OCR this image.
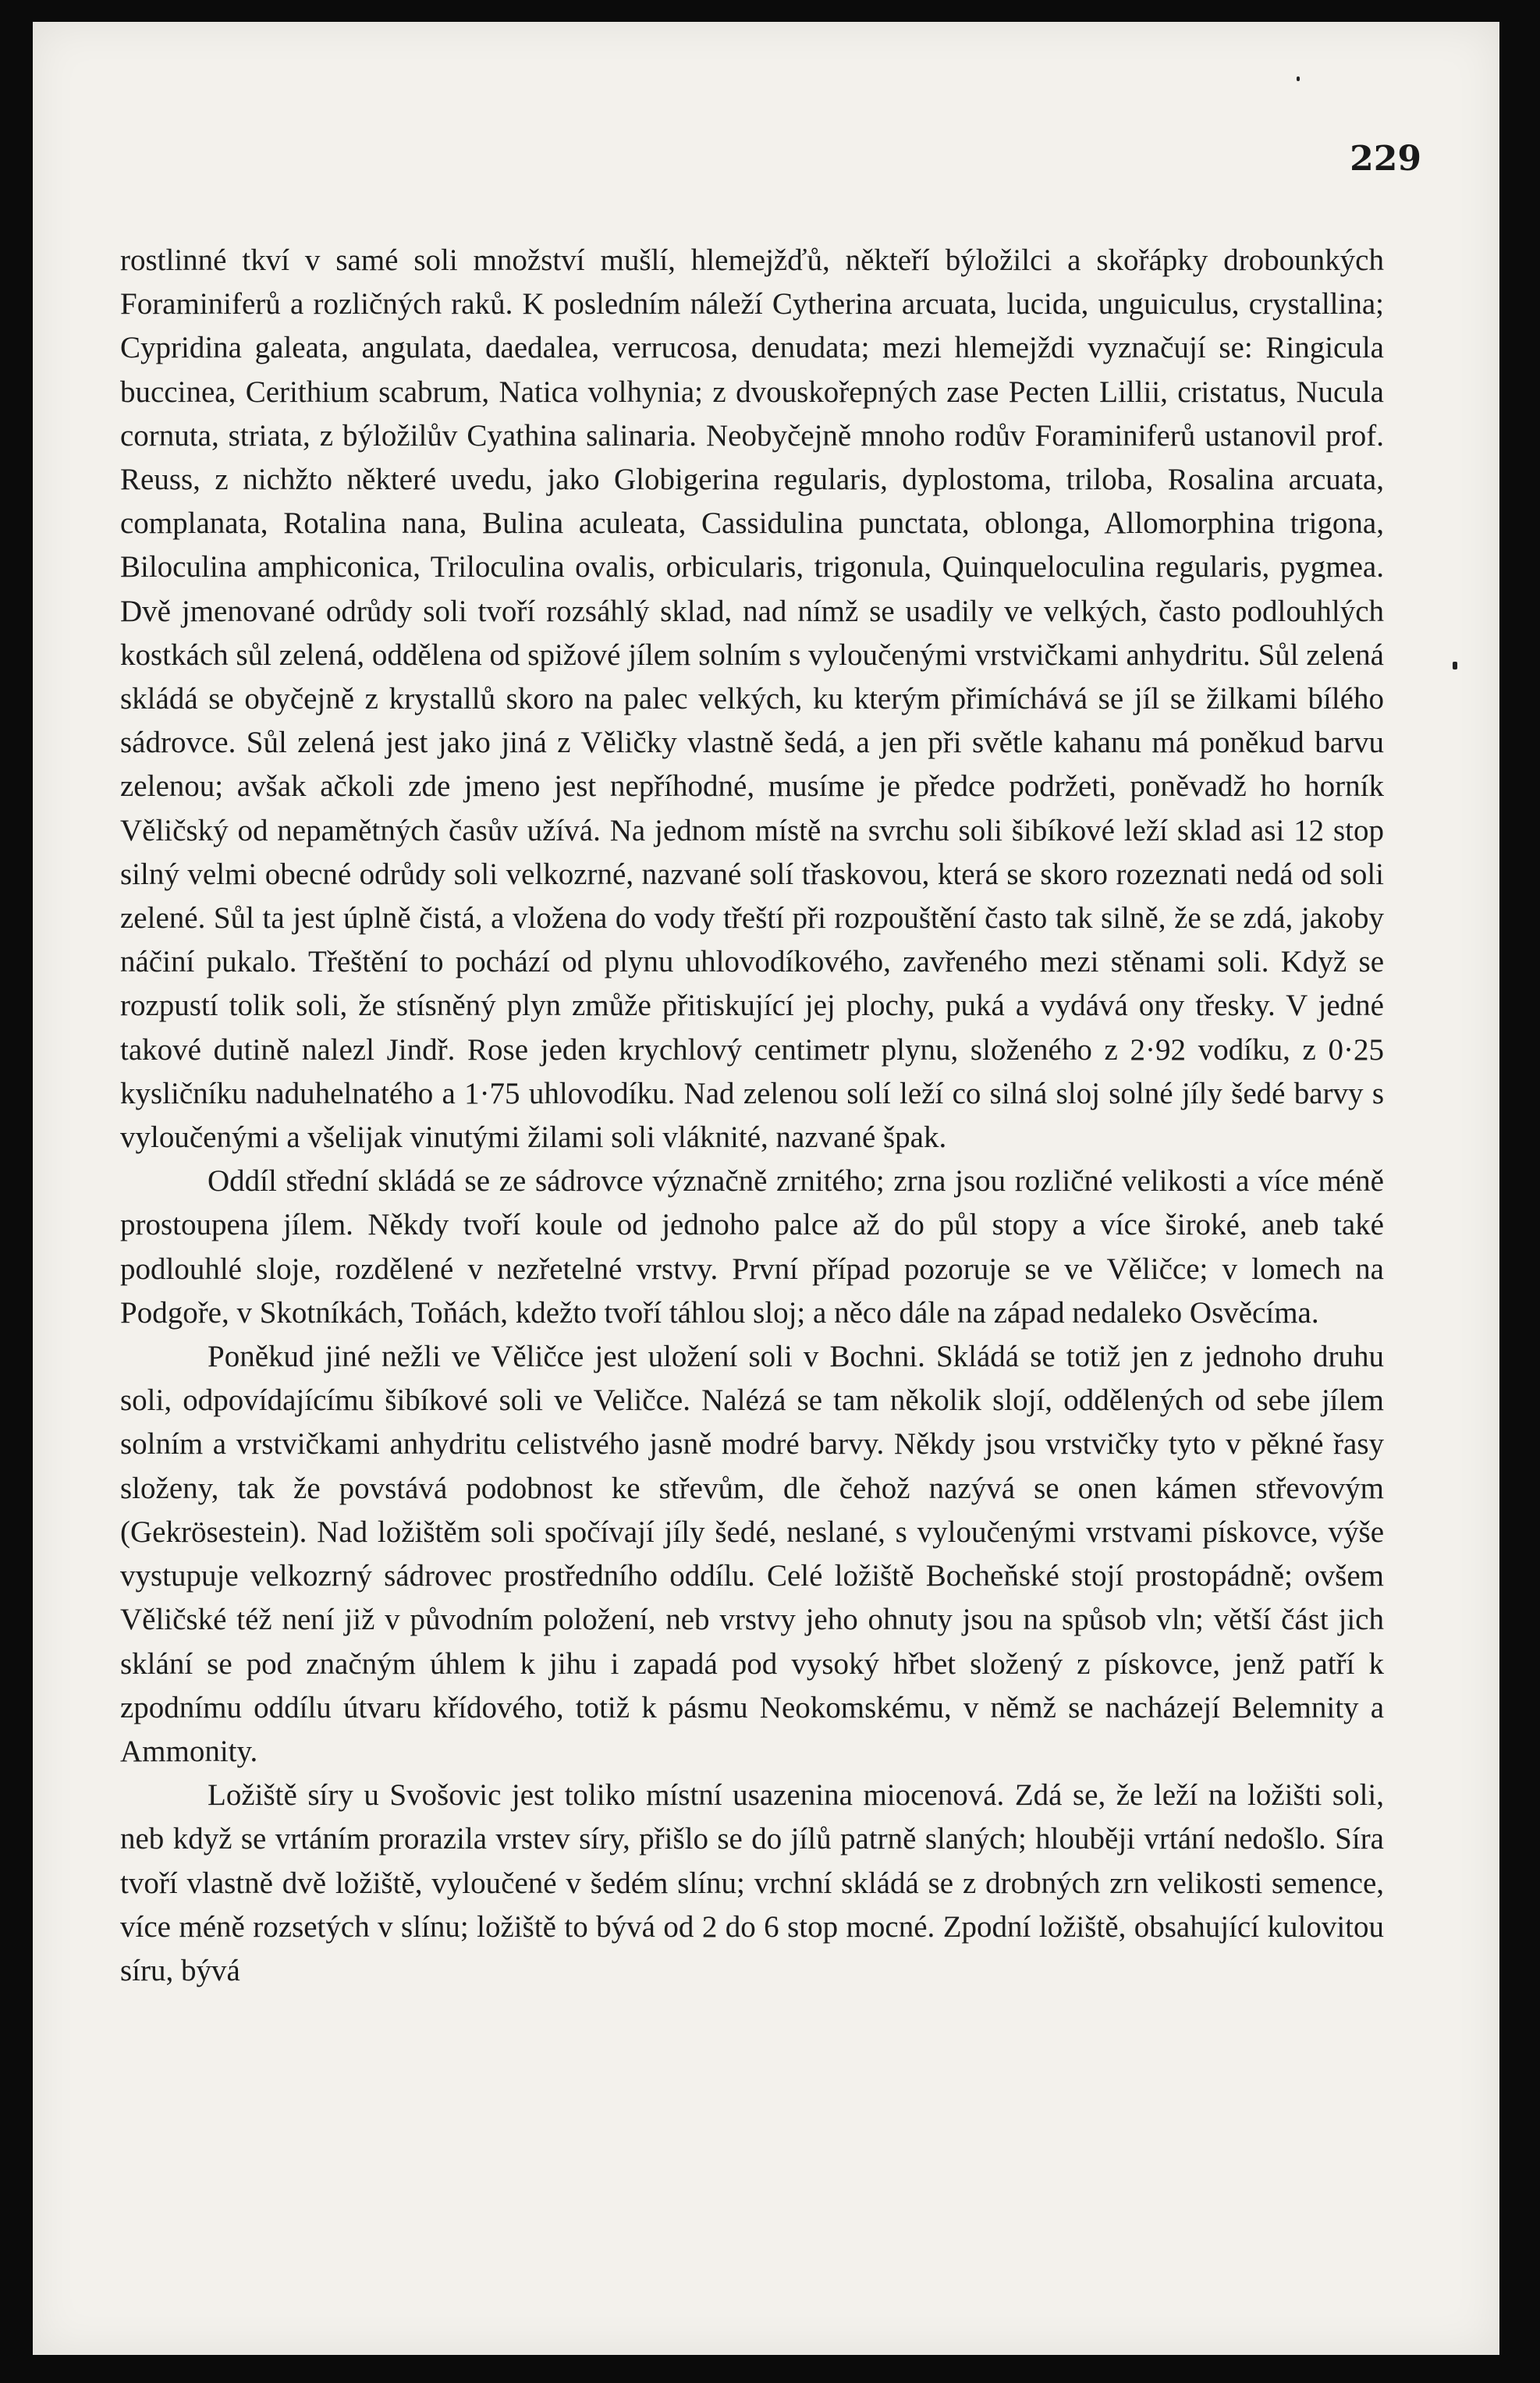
229

rostlinné tkví v samé soli množství mušlí, hlemejžďů, někteří býložilci a skořápky drobounkých Foraminiferů a rozličných raků. K posledním náleží Cytherina arcuata, lucida, unguiculus, crystallina; Cypridina galeata, angulata, daedalea, verrucosa, denudata; mezi hlemejždi vyznačují se: Ringicula buccinea, Cerithium scabrum, Natica volhynia; z dvouskořepných zase Pecten Lillii, cristatus, Nucula cornuta, striata, z býložilův Cyathina salinaria. Neobyčejně mnoho rodův Foraminiferů ustanovil prof. Reuss, z nichžto některé uvedu, jako Globigerina regularis, dyplostoma, triloba, Rosalina arcuata, complanata, Rotalina nana, Bulina aculeata, Cassidulina punctata, oblonga, Allomorphina trigona, Biloculina amphiconica, Triloculina ovalis, orbicularis, trigonula, Quinqueloculina regularis, pygmea. Dvě jmenované odrůdy soli tvoří rozsáhlý sklad, nad nímž se usadily ve velkých, často podlouhlých kostkách sůl zelená, oddělena od spižové jílem solním s vyloučenými vrstvičkami anhydritu. Sůl zelená skládá se obyčejně z krystallů skoro na palec velkých, ku kterým přimíchává se jíl se žilkami bílého sádrovce. Sůl zelená jest jako jiná z Věličky vlastně šedá, a jen při světle kahanu má poněkud barvu zelenou; avšak ačkoli zde jmeno jest nepříhodné, musíme je předce podržeti, poněvadž ho horník Věličský od nepamětných časův užívá. Na jednom místě na svrchu soli šibíkové leží sklad asi 12 stop silný velmi obecné odrůdy soli velkozrné, nazvané solí třaskovou, která se skoro rozeznati nedá od soli zelené. Sůl ta jest úplně čistá, a vložena do vody třeští při rozpouštění často tak silně, že se zdá, jakoby náčiní pukalo. Třeštění to pochází od plynu uhlovodíkového, zavřeného mezi stěnami soli. Když se rozpustí tolik soli, že stísněný plyn zmůže přitiskující jej plochy, puká a vydává ony třesky. V jedné takové dutině nalezl Jindř. Rose jeden krychlový centimetr plynu, složeného z 2·92 vodíku, z 0·25 kysličníku naduhelnatého a 1·75 uhlovodíku. Nad zelenou solí leží co silná sloj solné jíly šedé barvy s vyloučenými a všelijak vinutými žilami soli vláknité, nazvané špak.

Oddíl střední skládá se ze sádrovce význačně zrnitého; zrna jsou rozličné velikosti a více méně prostoupena jílem. Někdy tvoří koule od jednoho palce až do půl stopy a více široké, aneb také podlouhlé sloje, rozdělené v nezřetelné vrstvy. První případ pozoruje se ve Věličce; v lomech na Podgoře, v Skotníkách, Toňách, kdežto tvoří táhlou sloj; a něco dále na západ nedaleko Osvěcíma.

Poněkud jiné nežli ve Věličce jest uložení soli v Bochni. Skládá se totiž jen z jednoho druhu soli, odpovídajícímu šibíkové soli ve Veličce. Nalézá se tam několik slojí, oddělených od sebe jílem solním a vrstvičkami anhydritu celistvého jasně modré barvy. Někdy jsou vrstvičky tyto v pěkné řasy složeny, tak že povstává podobnost ke střevům, dle čehož nazývá se onen kámen střevovým (Gekrösestein). Nad ložištěm soli spočívají jíly šedé, neslané, s vyloučenými vrstvami pískovce, výše vystupuje velkozrný sádrovec prostředního oddílu. Celé ložiště Bocheňské stojí prostopádně; ovšem Věličské též není již v původním položení, neb vrstvy jeho ohnuty jsou na spůsob vln; větší část jich sklání se pod značným úhlem k jihu i zapadá pod vysoký hřbet složený z pískovce, jenž patří k zpodnímu oddílu útvaru křídového, totiž k pásmu Neokomskému, v němž se nacházejí Belemnity a Ammonity.

Ložiště síry u Svošovic jest toliko místní usazenina miocenová. Zdá se, že leží na ložišti soli, neb když se vrtáním prorazila vrstev síry, přišlo se do jílů patrně slaných; hlouběji vrtání nedošlo. Síra tvoří vlastně dvě ložiště, vyloučené v šedém slínu; vrchní skládá se z drobných zrn velikosti semence, více méně rozsetých v slínu; ložiště to bývá od 2 do 6 stop mocné. Zpodní ložiště, obsahující kulovitou síru, bývá
